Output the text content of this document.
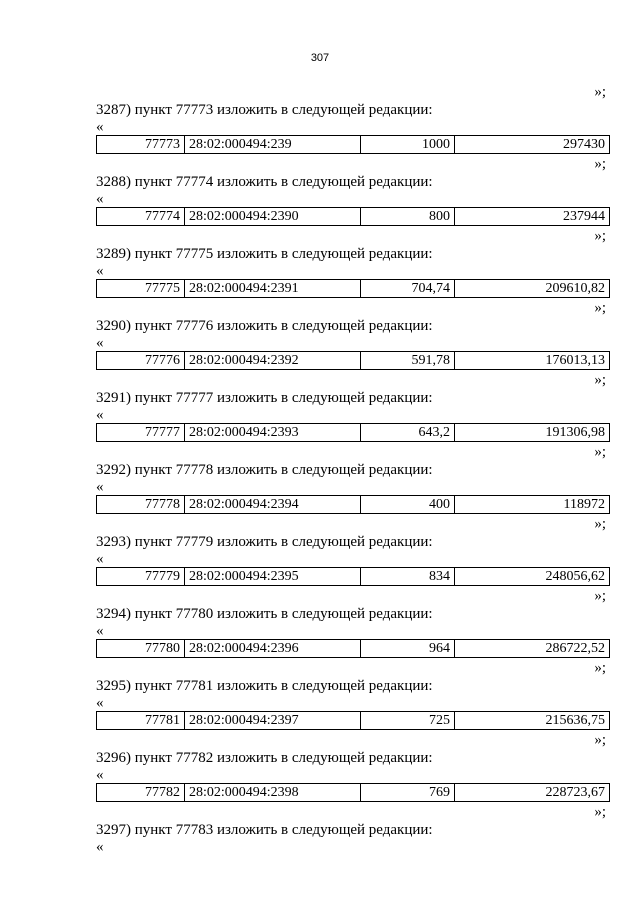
307
»;
3287) пункт 77773 изложить в следующей редакции:
«
77773 28:02:000494:239	1000	297430
»;
3288) пункт 77774 изложить в следующей редакции:
«
77774 28:02:000494:2390	800	237944
»;
3289) пункт 77775 изложить в следующей редакции:
«
77775 28:02:000494:2391	704,74	209610,82
»;
3290) пункт 77776 изложить в следующей редакции:
«
77776 28:02:000494:2392	591,78	176013,13
»;
3291) пункт 77777 изложить в следующей редакции:
«
77777 28:02:000494:2393	643,2	191306,98
»;
3292) пункт 77778 изложить в следующей редакции:
«
77778 28:02:000494:2394	400	118972
»;
3293) пункт 77779 изложить в следующей редакции:
«
77779 28:02:000494:2395	834	248056,62
»;
3294) пункт 77780 изложить в следующей редакции:
«
77780 28:02:000494:2396	964	286722,52
»;
3295) пункт 77781 изложить в следующей редакции:
«
77781 28:02:000494:2397	725	215636,75
»;
3296) пункт 77782 изложить в следующей редакции:
«
77782 28:02:000494:2398	769	228723,67
»;
3297) пункт 77783 изложить в следующей редакции:
«
